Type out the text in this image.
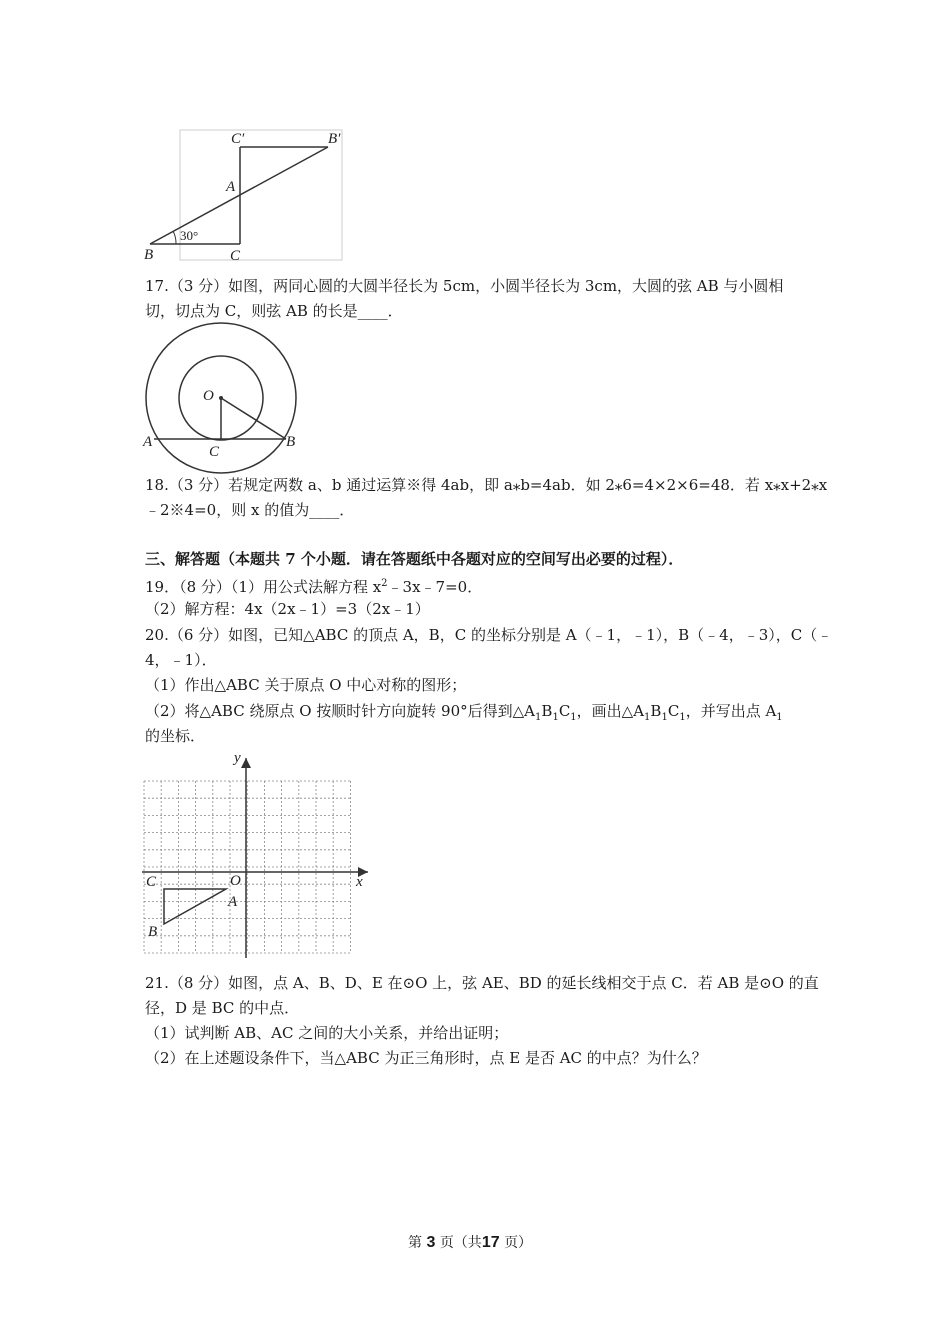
C′	B′
A
B	C
30°
17.（3 分）如图，两同心圆的大圆半径长为 5cm，小圆半径长为 3cm，大圆的弦 AB 与小圆相
切，切点为 C，则弦 AB 的长是____．
O
A	B
C
18.（3 分）若规定两数 a、b 通过运算※得 4ab，即 a⁎b=4ab．如 2⁎6=4×2×6=48．若 x⁎x+2⁎x
﹣2※4=0，则 x 的值为____．
三、解答题（本题共 7 个小题．请在答题纸中各题对应的空间写出必要的过程）．
19．（8 分）（1）用公式法解方程 $x^2﹣3x﹣7=0$．
（2）解方程：4x（2x﹣1）=3（2x﹣1）
20.（6 分）如图，已知△ABC 的顶点 A，B，C 的坐标分别是 A（﹣1，﹣1），B（﹣4，﹣3），C（﹣
4，﹣1）．
（1）作出△ABC 关于原点 O 中心对称的图形；
（2）将△ABC 绕原点 O 按顺时针方向旋转 90°后得到$\triangle A_1B_1C_1$，画出$\triangle A_1B_1C_1$，并写出点 $A_1$
的坐标．
y
x
O
A
B
C
21.（8 分）如图，点 A、B、D、E 在⊙O 上，弦 AE、BD 的延长线相交于点 C．若 AB 是⊙O 的直
径，D 是 BC 的中点．
（1）试判断 AB、AC 之间的大小关系，并给出证明；
（2）在上述题设条件下，当△ABC 为正三角形时，点 E 是否 AC 的中点？为什么？
第 3 页（共17 页）
